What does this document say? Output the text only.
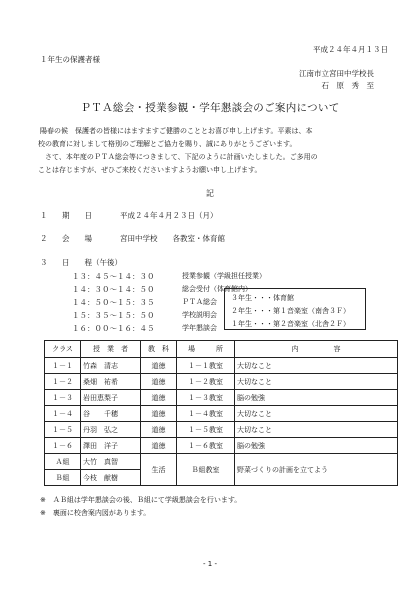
平成２４年４月１３日
１年生の保護者様
江南市立宮田中学校長
石　原　秀　至
ＰＴＡ総会・授業参観・学年懇談会のご案内について
陽春の候　保護者の皆様にはますますご健勝のこととお喜び申し上げます。平素は、本
校の教育に対しまして格別のご理解とご協力を賜り、誠にありがとうございます。
　さて、本年度のＰＴＡ総会等につきまして、下記のように計画いたしました。ご多用の
ことは存じますが、ぜひご来校くださいますようお願い申し上げます。
記
１ 期　　日	平成２４年４月２３日（月）
２ 会　　場	宮田中学校　　各教室・体育館
３ 日　　程（午後）
１３：４５～１４：３０	授業参観（学級担任授業）
１４：３０～１４：５０	総会受付（体育館内）
１４：５０～１５：３５	ＰＴＡ総会
１５：３５～１５：５０	学校説明会
１６：００～１６：４５	学年懇談会
３年生・・・体育館
２年生・・・第１音楽室（南舎３Ｆ）
１年生・・・第２音楽室（北舎２Ｆ）
クラス	授　業　者	教　科	場　　　所	内　　　　　容
１－１	竹森　清志	道徳	１－１教室	大切なこと
１－２	桑畑　祐希	道徳	１－２教室	大切なこと
１－３	岩田恵梨子	道徳	１－３教室	脳の勉強
１－４	谷　　千穂	道徳	１－４教室	大切なこと
１－５	丹羽　弘之	道徳	１－５教室	大切なこと
１－６	澤田　洋子	道徳	１－６教室	脳の勉強
Ａ組	大竹　真智	生活	Ｂ組教室	野菜づくりの計画を立てよう
Ｂ組	今枝　献樹			
※　ＡＢ組は学年懇談会の後、Ｂ組にて学級懇談会を行います。
※　裏面に校舎案内図があります。
- 1 -
